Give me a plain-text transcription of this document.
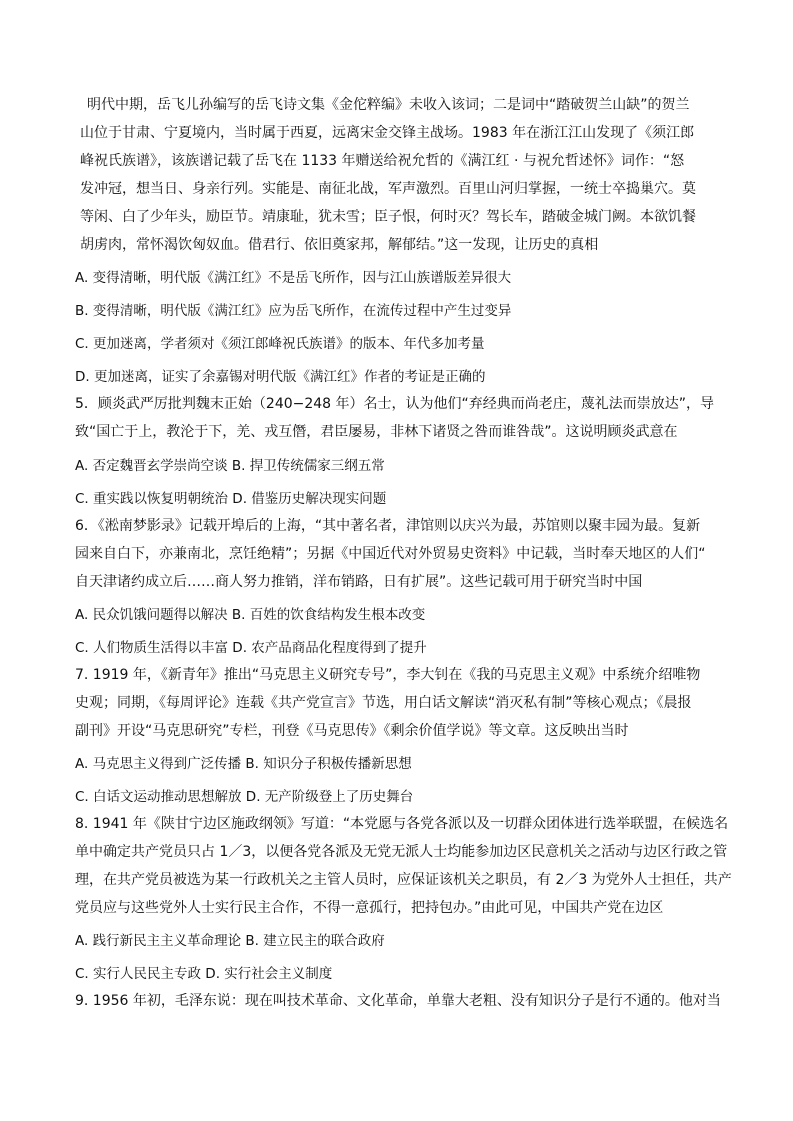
明代中期，岳飞儿孙编写的岳飞诗文集《金佗粹编》未收入该词；二是词中“踏破贺兰山缺”的贺兰

山位于甘肃、宁夏境内，当时属于西夏，远离宋金交锋主战场。1983 年在浙江江山发现了《须江郎

峰祝氏族谱》，该族谱记载了岳飞在 1133 年赠送给祝允哲的《满江红 · 与祝允哲述怀》词作：“怒

发冲冠，想当日、身亲行列。实能是、南征北战，军声激烈。百里山河归掌握，一统士卒捣巢穴。莫

等闲、白了少年头，励臣节。靖康耻，犹未雪；臣子恨，何时灭？驾长车，踏破金城门阙。本欲饥餐

胡虏肉，常怀渴饮匈奴血。借君行、依旧奠家邦，解郁结。”这一发现，让历史的真相

A. 变得清晰，明代版《满江红》不是岳飞所作，因与江山族谱版差异很大

B. 变得清晰，明代版《满江红》应为岳飞所作，在流传过程中产生过变异

C. 更加迷离，学者须对《须江郎峰祝氏族谱》的版本、年代多加考量

D. 更加迷离，证实了余嘉锡对明代版《满江红》作者的考证是正确的

5．顾炎武严厉批判魏末正始（240−248 年）名士，认为他们“弃经典而尚老庄，蔑礼法而崇放达”，导

致“国亡于上，教沦于下，羌、戎互僭，君臣屡易，非林下诸贤之咎而谁咎哉”。这说明顾炎武意在

A. 否定魏晋玄学崇尚空谈 B. 捍卫传统儒家三纲五常

C. 重实践以恢复明朝统治 D. 借鉴历史解决现实问题

6．《淞南梦影录》记载开埠后的上海，“其中著名者，津馆则以庆兴为最，苏馆则以聚丰园为最。复新

园来自白下，亦兼南北，烹饪绝精”；另据《中国近代对外贸易史资料》中记载，当时奉天地区的人们“

自天津诸约成立后……商人努力推销，洋布销路，日有扩展”。这些记载可用于研究当时中国

A. 民众饥饿问题得以解决 B. 百姓的饮食结构发生根本改变

C. 人们物质生活得以丰富 D. 农产品商品化程度得到了提升

7. 1919 年，《新青年》推出“马克思主义研究专号”，李大钊在《我的马克思主义观》中系统介绍唯物

史观；同期，《每周评论》连载《共产党宣言》节选，用白话文解读“消灭私有制”等核心观点；《晨报

副刊》开设“马克思研究”专栏，刊登《马克思传》《剩余价值学说》等文章。这反映出当时

A. 马克思主义得到广泛传播 B. 知识分子积极传播新思想

C. 白话文运动推动思想解放 D. 无产阶级登上了历史舞台

8. 1941 年《陕甘宁边区施政纲领》写道：“本党愿与各党各派以及一切群众团体进行选举联盟，在候选名

单中确定共产党员只占 1／3，以便各党各派及无党无派人士均能参加边区民意机关之活动与边区行政之管

理，在共产党员被选为某一行政机关之主管人员时，应保证该机关之职员，有 2／3 为党外人士担任，共产

党员应与这些党外人士实行民主合作，不得一意孤行，把持包办。”由此可见，中国共产党在边区

A. 践行新民主主义革命理论 B. 建立民主的联合政府

C. 实行人民民主专政 D. 实行社会主义制度

9. 1956 年初，毛泽东说：现在叫技术革命、文化革命，单靠大老粗、没有知识分子是行不通的。他对当
